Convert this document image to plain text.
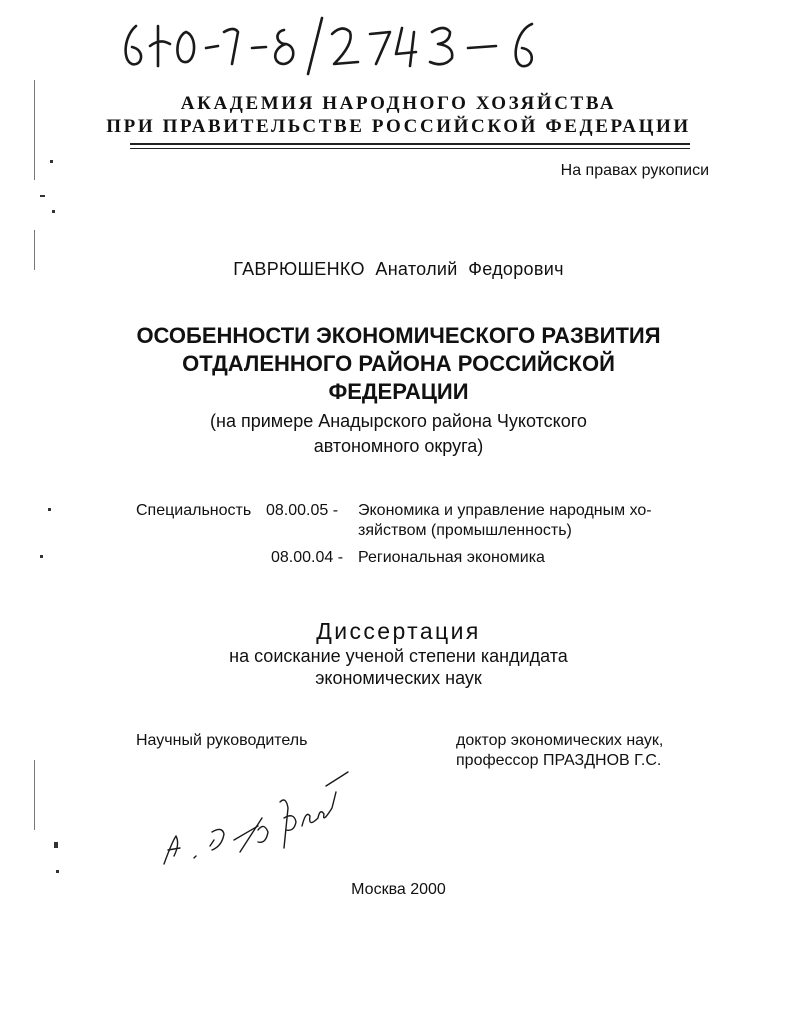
АКАДЕМИЯ НАРОДНОГО ХОЗЯЙСТВА
ПРИ ПРАВИТЕЛЬСТВЕ РОССИЙСКОЙ ФЕДЕРАЦИИ
На правах рукописи
ГАВРЮШЕНКО  Анатолий  Федорович
ОСОБЕННОСТИ ЭКОНОМИЧЕСКОГО РАЗВИТИЯ
ОТДАЛЕННОГО РАЙОНА РОССИЙСКОЙ
ФЕДЕРАЦИИ
(на примере Анадырского района Чукотского
автономного округа)
Специальность 08.00.05 - Экономика и управление народным хо-
зяйством (промышленность)
08.00.04 - Региональная экономика
Диссертация
на соискание ученой степени кандидата
экономических наук
Научный руководитель	доктор экономических наук,
профессор ПРАЗДНОВ Г.С.
Москва 2000
